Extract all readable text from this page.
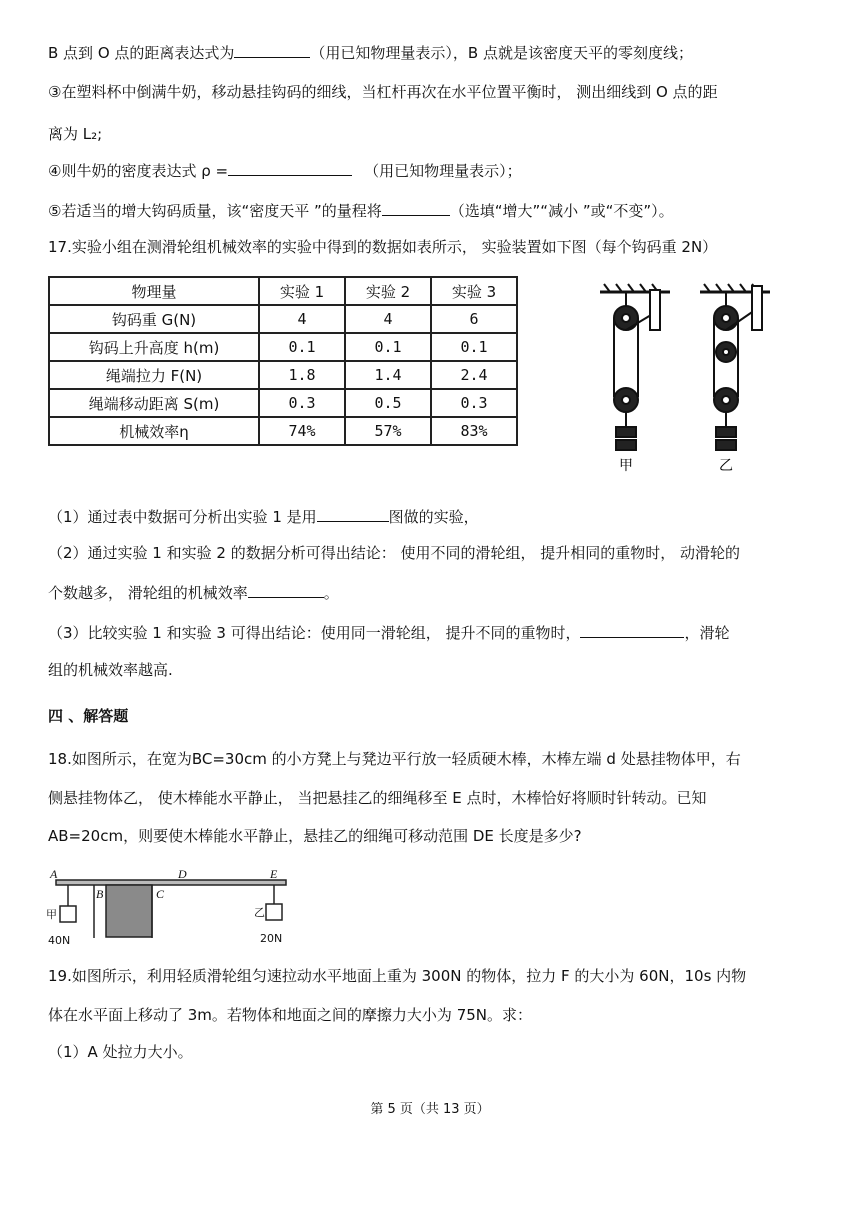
B 点到 O 点的距离表达式为	（用已知物理量表示），B 点就是该密度天平的零刻度线；
③在塑料杯中倒满牛奶，移动悬挂钩码的细线，当杠杆再次在水平位置平衡时， 测出细线到 O 点的距
离为 L₂;
④则牛奶的密度表达式 ρ =	（用已知物理量表示）；
⑤若适当的增大钩码质量，该“密度天平 ”的量程将	（选填“增大”“减小 ”或“不变”）。
17.实验小组在测滑轮组机械效率的实验中得到的数据如表所示， 实验装置如下图（每个钩码重 2N）
物理量	实验 1	实验 2	实验 3
钩码重 G(N)	4	4	6
钩码上升高度 h(m)	0.1	0.1	0.1
绳端拉力 F(N)	1.8	1.4	2.4
绳端移动距离 S(m)	0.3	0.5	0.3
机械效率η	74%	57%	83%
甲	乙
（1）通过表中数据可分析出实验 1 是用	图做的实验，
（2）通过实验 1 和实验 2 的数据分析可得出结论： 使用不同的滑轮组， 提升相同的重物时， 动滑轮的
个数越多， 滑轮组的机械效率	。
（3）比较实验 1 和实验 3 可得出结论：使用同一滑轮组， 提升不同的重物时，	，滑轮
组的机械效率越高.
四 、解答题
18.如图所示，在宽为BC=30cm 的小方凳上与凳边平行放一轻质硬木棒，木棒左端 d 处悬挂物体甲，右
侧悬挂物体乙， 使木棒能水平静止， 当把悬挂乙的细绳移至 E 点时，木棒恰好将顺时针转动。已知
AB=20cm，则要使木棒能水平静止，悬挂乙的细绳可移动范围 DE 长度是多少?
A
B	C
D	E
甲
40N
乙
20N
19.如图所示，利用轻质滑轮组匀速拉动水平地面上重为 300N 的物体，拉力 F 的大小为 60N，10s 内物
体在水平面上移动了 3m。若物体和地面之间的摩擦力大小为 75N。求：
（1）A 处拉力大小。
第 5 页（共 13 页）
